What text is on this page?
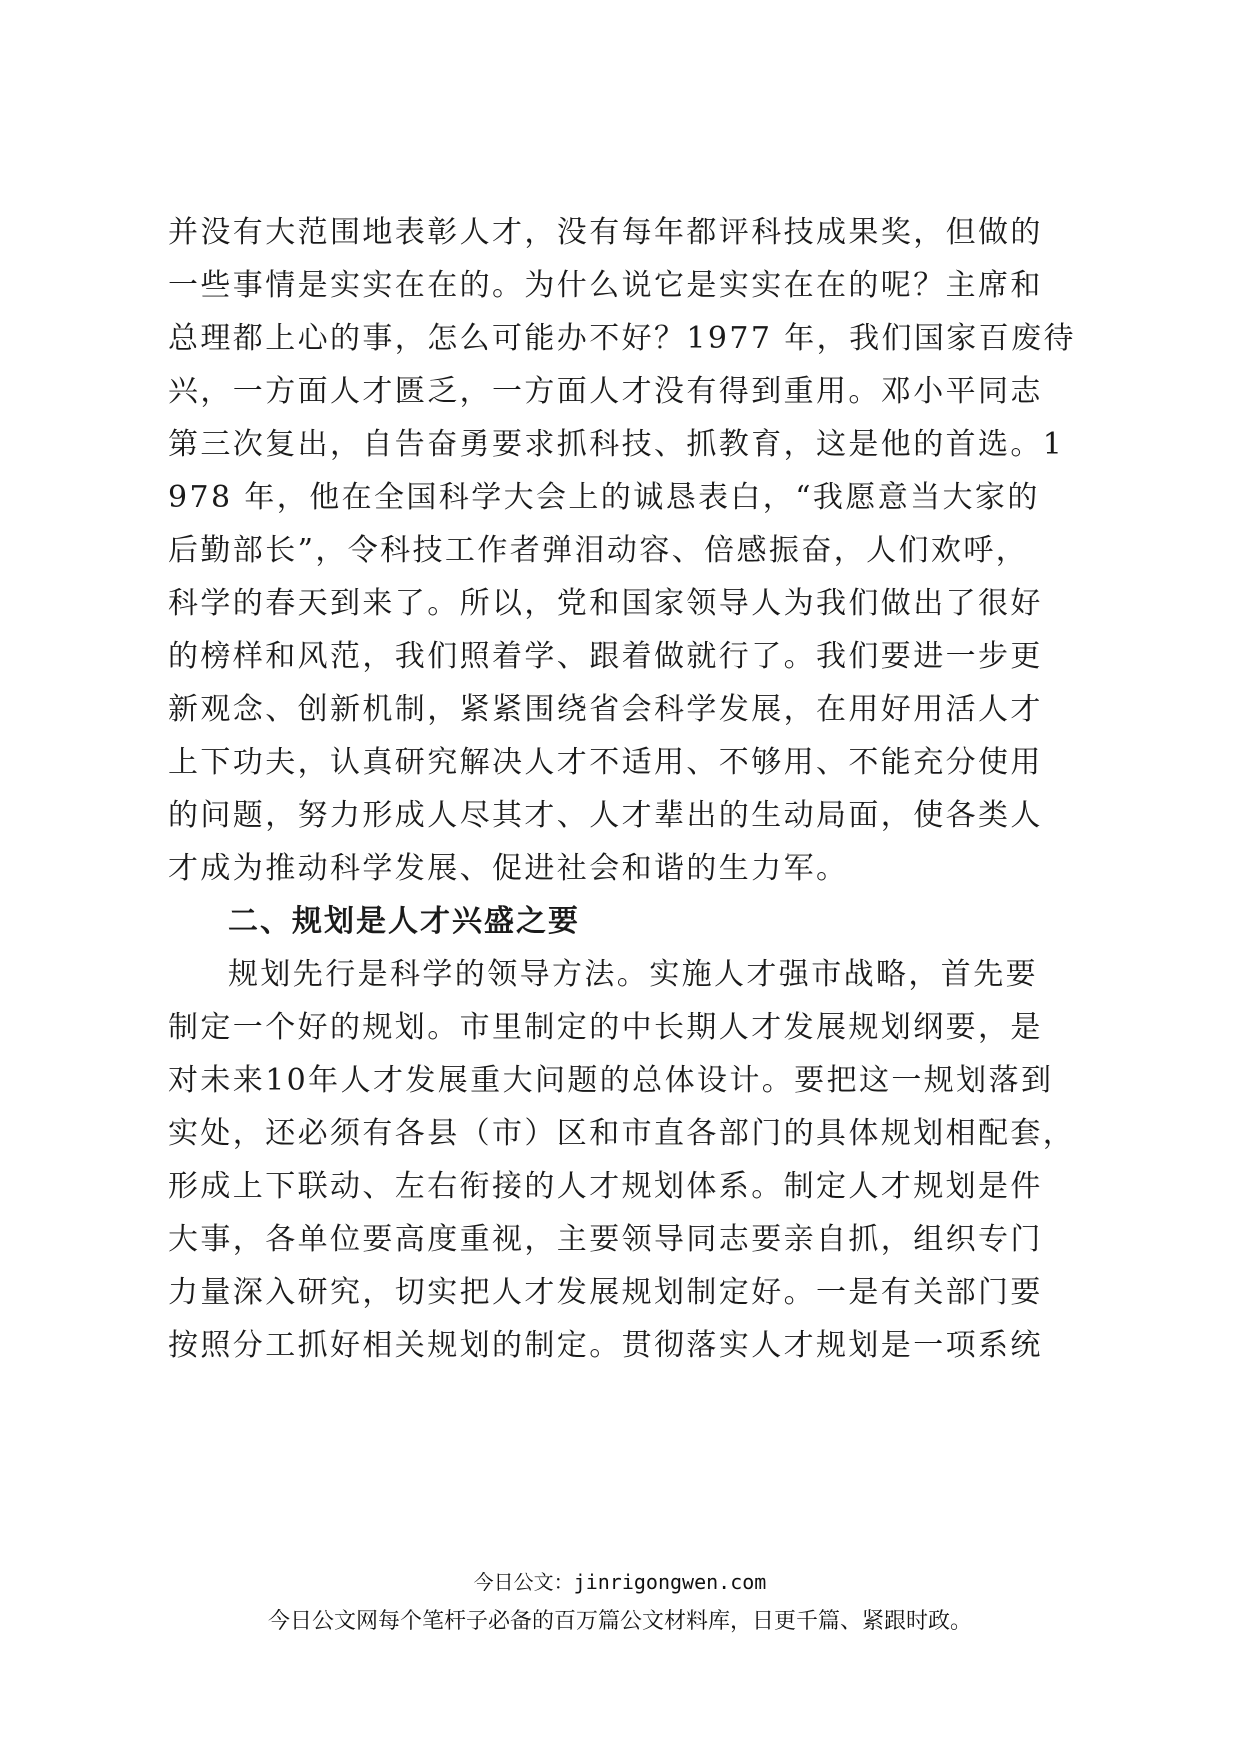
并没有大范围地表彰人才，没有每年都评科技成果奖，但做的
一些事情是实实在在的。为什么说它是实实在在的呢？主席和
总理都上心的事，怎么可能办不好？1977 年，我们国家百废待
兴，一方面人才匮乏，一方面人才没有得到重用。邓小平同志
第三次复出，自告奋勇要求抓科技、抓教育，这是他的首选。1
978 年，他在全国科学大会上的诚恳表白，“我愿意当大家的
后勤部长”，令科技工作者弹泪动容、倍感振奋，人们欢呼，
科学的春天到来了。所以，党和国家领导人为我们做出了很好
的榜样和风范，我们照着学、跟着做就行了。我们要进一步更
新观念、创新机制，紧紧围绕省会科学发展，在用好用活人才
上下功夫，认真研究解决人才不适用、不够用、不能充分使用
的问题，努力形成人尽其才、人才辈出的生动局面，使各类人
才成为推动科学发展、促进社会和谐的生力军。
二、规划是人才兴盛之要
规划先行是科学的领导方法。实施人才强市战略，首先要
制定一个好的规划。市里制定的中长期人才发展规划纲要，是
对未来10年人才发展重大问题的总体设计。要把这一规划落到
实处，还必须有各县（市）区和市直各部门的具体规划相配套，
形成上下联动、左右衔接的人才规划体系。制定人才规划是件
大事，各单位要高度重视，主要领导同志要亲自抓，组织专门
力量深入研究，切实把人才发展规划制定好。一是有关部门要
按照分工抓好相关规划的制定。贯彻落实人才规划是一项系统
今日公文：jinrigongwen.com
今日公文网每个笔杆子必备的百万篇公文材料库，日更千篇、紧跟时政。
